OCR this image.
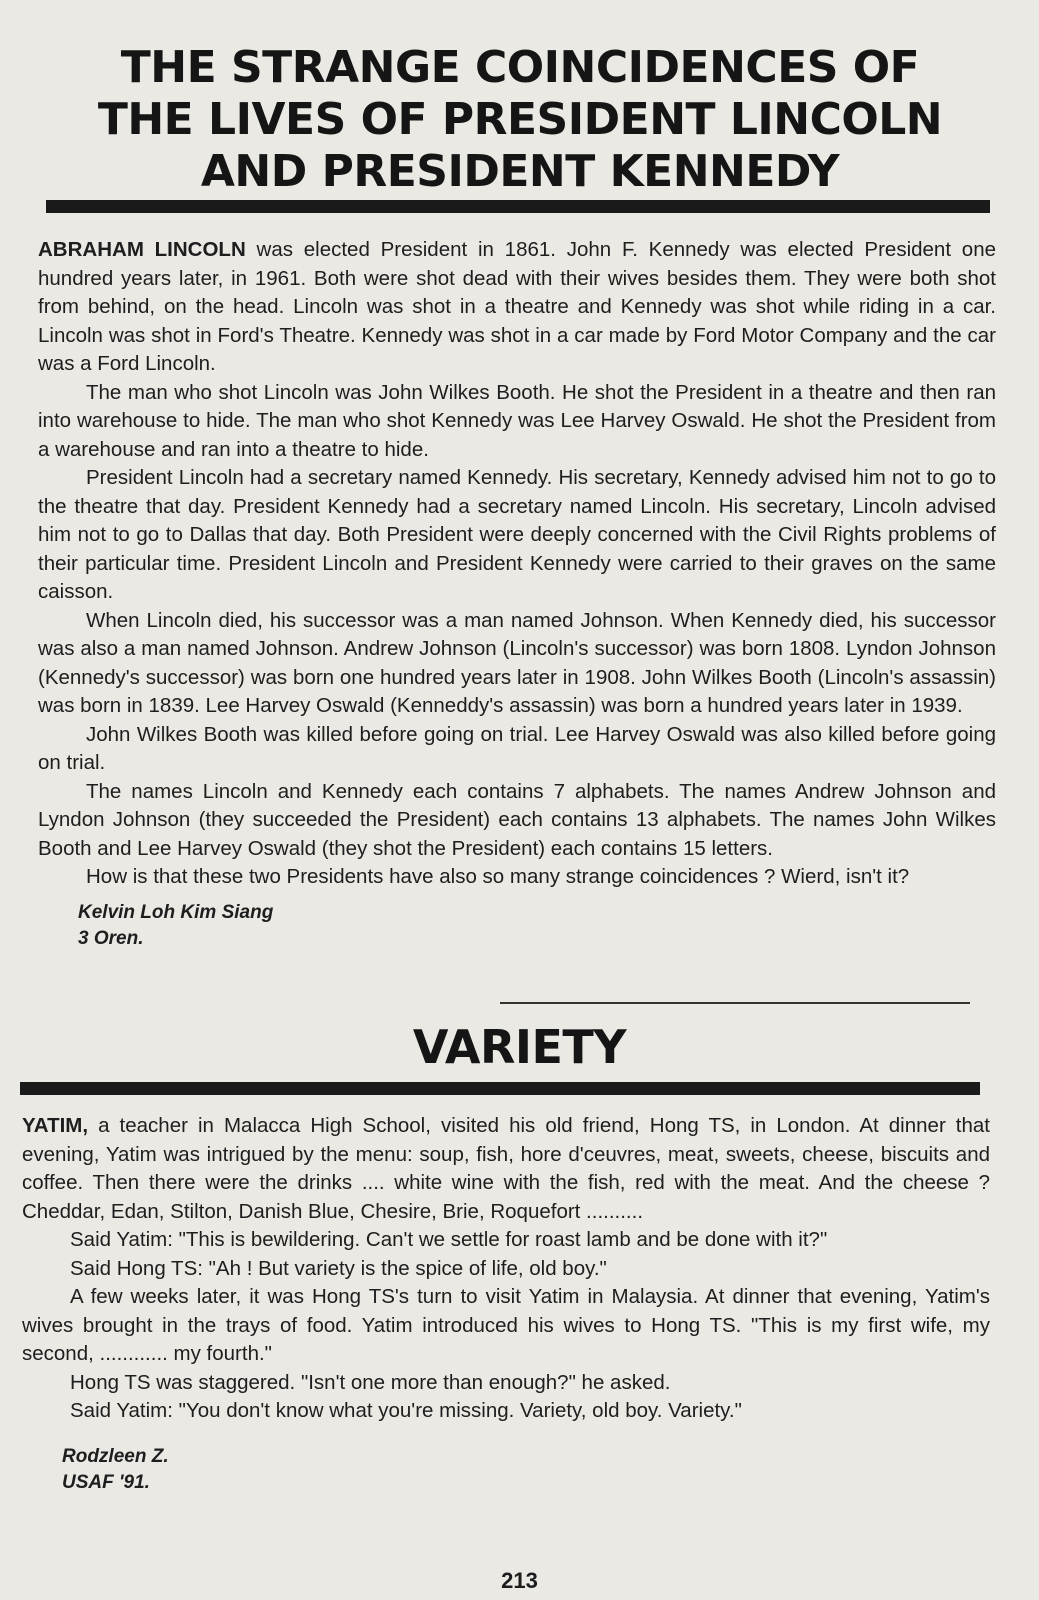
THE STRANGE COINCIDENCES OF
THE LIVES OF PRESIDENT LINCOLN
AND PRESIDENT KENNEDY

ABRAHAM LINCOLN was elected President in 1861. John F. Kennedy was elected President one hundred years later, in 1961. Both were shot dead with their wives besides them. They were both shot from behind, on the head. Lincoln was shot in a theatre and Kennedy was shot while riding in a car. Lincoln was shot in Ford's Theatre. Kennedy was shot in a car made by Ford Motor Company and the car was a Ford Lincoln.

The man who shot Lincoln was John Wilkes Booth. He shot the President in a theatre and then ran into warehouse to hide. The man who shot Kennedy was Lee Harvey Oswald. He shot the President from a warehouse and ran into a theatre to hide.

President Lincoln had a secretary named Kennedy. His secretary, Kennedy advised him not to go to the theatre that day. President Kennedy had a secretary named Lincoln. His secretary, Lincoln advised him not to go to Dallas that day. Both President were deeply concerned with the Civil Rights problems of their particular time. President Lincoln and President Kennedy were carried to their graves on the same caisson.

When Lincoln died, his successor was a man named Johnson. When Kennedy died, his successor was also a man named Johnson. Andrew Johnson (Lincoln's successor) was born 1808. Lyndon Johnson (Kennedy's successor) was born one hundred years later in 1908. John Wilkes Booth (Lincoln's assassin) was born in 1839. Lee Harvey Oswald (Kenneddy's assassin) was born a hundred years later in 1939.

John Wilkes Booth was killed before going on trial. Lee Harvey Oswald was also killed before going on trial.

The names Lincoln and Kennedy each contains 7 alphabets. The names Andrew Johnson and Lyndon Johnson (they succeeded the President) each contains 13 alphabets. The names John Wilkes Booth and Lee Harvey Oswald (they shot the President) each contains 15 letters.

How is that these two Presidents have also so many strange coincidences ? Wierd, isn't it?

Kelvin Loh Kim Siang
3 Oren.
VARIETY

YATIM, a teacher in Malacca High School, visited his old friend, Hong TS, in London. At dinner that evening, Yatim was intrigued by the menu: soup, fish, hore d'ceuvres, meat, sweets, cheese, biscuits and coffee. Then there were the drinks .... white wine with the fish, red with the meat. And the cheese ? Cheddar, Edan, Stilton, Danish Blue, Chesire, Brie, Roquefort ..........

Said Yatim: "This is bewildering. Can't we settle for roast lamb and be done with it?"

Said Hong TS: "Ah ! But variety is the spice of life, old boy."

A few weeks later, it was Hong TS's turn to visit Yatim in Malaysia. At dinner that evening, Yatim's wives brought in the trays of food. Yatim introduced his wives to Hong TS. "This is my first wife, my second, ............ my fourth."

Hong TS was staggered. "Isn't one more than enough?" he asked.

Said Yatim: "You don't know what you're missing. Variety, old boy. Variety."

Rodzleen Z.
USAF '91.
213
